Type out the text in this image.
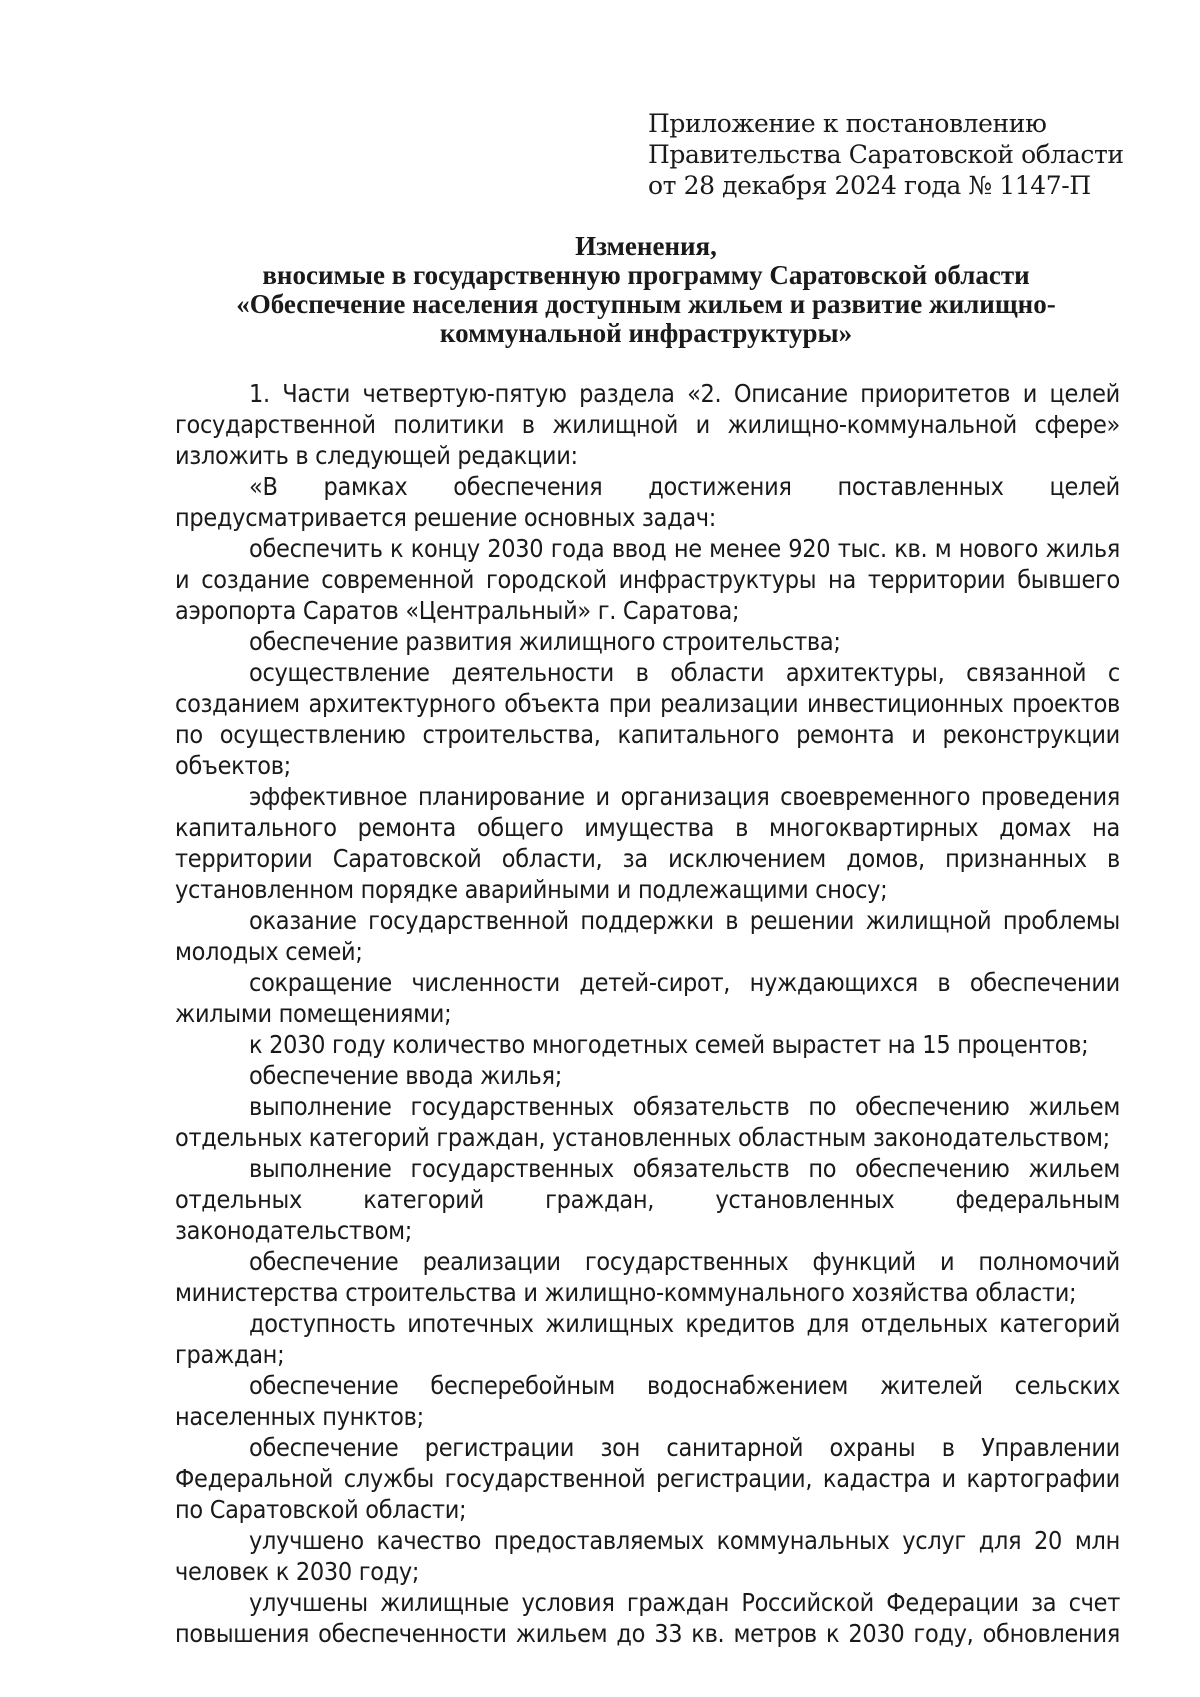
Приложение к постановлению
Правительства Саратовской области
от 28 декабря 2024 года № 1147-П
Изменения,
вносимые в государственную программу Саратовской области
«Обеспечение населения доступным жильем и развитие жилищно-
коммунальной инфраструктуры»

1. Части четвертую-пятую раздела «2. Описание приоритетов и целей государственной политики в жилищной и жилищно-коммунальной сфере» изложить в следующей редакции:

«В рамках обеспечения достижения поставленных целей предусматривается решение основных задач:

обеспечить к концу 2030 года ввод не менее 920 тыс. кв. м нового жилья и создание современной городской инфраструктуры на территории бывшего аэропорта Саратов «Центральный» г. Саратова;

обеспечение развития жилищного строительства;

осуществление деятельности в области архитектуры, связанной с созданием архитектурного объекта при реализации инвестиционных проектов по осуществлению строительства, капитального ремонта и реконструкции объектов;

эффективное планирование и организация своевременного проведения капитального ремонта общего имущества в многоквартирных домах на территории Саратовской области, за исключением домов, признанных в установленном порядке аварийными и подлежащими сносу;

оказание государственной поддержки в решении жилищной проблемы молодых семей;

сокращение численности детей-сирот, нуждающихся в обеспечении жилыми помещениями;

к 2030 году количество многодетных семей вырастет на 15 процентов;

обеспечение ввода жилья;

выполнение государственных обязательств по обеспечению жильем отдельных категорий граждан, установленных областным законодательством;

выполнение государственных обязательств по обеспечению жильем отдельных категорий граждан, установленных федеральным законодательством;

обеспечение реализации государственных функций и полномочий министерства строительства и жилищно-коммунального хозяйства области;

доступность ипотечных жилищных кредитов для отдельных категорий граждан;

обеспечение бесперебойным водоснабжением жителей сельских населенных пунктов;

обеспечение регистрации зон санитарной охраны в Управлении Федеральной службы государственной регистрации, кадастра и картографии по Саратовской области;

улучшено качество предоставляемых коммунальных услуг для 20 млн человек к 2030 году;

улучшены жилищные условия граждан Российской Федерации за счет повышения обеспеченности жильем до 33 кв. метров к 2030 году, обновления
